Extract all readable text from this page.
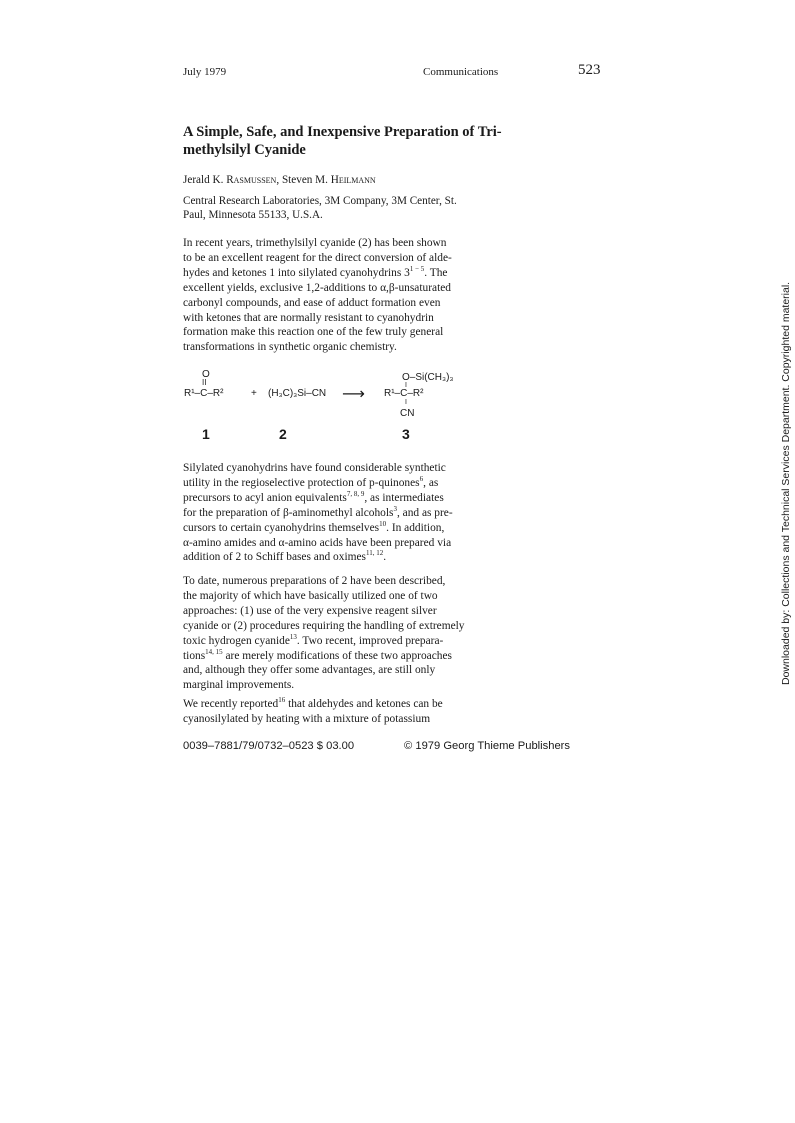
July 1979	Communications	523
A Simple, Safe, and Inexpensive Preparation of Tri-
methylsilyl Cyanide
Jerald K. Rasmussen, Steven M. Heilmann
Central Research Laboratories, 3M Company, 3M Center, St.
Paul, Minnesota 55133, U.S.A.
In recent years, trimethylsilyl cyanide (2) has been shown
to be an excellent reagent for the direct conversion of alde-
hydes and ketones 1 into silylated cyanohydrins $3^{1 - 5}$. The
excellent yields, exclusive 1,2-additions to α,β-unsaturated
carbonyl compounds, and ease of adduct formation even
with ketones that are normally resistant to cyanohydrin
formation make this reaction one of the few truly general
transformations in synthetic organic chemistry.
O
II
R¹–C–R²	+ (H₃C)₃Si–CN ⟶
O–Si(CH₃)₃
I
R¹–C–R²
I
CN
1	2	3
Silylated cyanohydrins have found considerable synthetic
utility in the regioselective protection of p-quinones$^6$, as
precursors to acyl anion equivalents$^{7, 8, 9}$, as intermediates
for the preparation of β-aminomethyl alcohols$^3$, and as pre-
cursors to certain cyanohydrins themselves$^{10}$. In addition,
α-amino amides and α-amino acids have been prepared via
addition of 2 to Schiff bases and oximes$^{11, 12}$.
To date, numerous preparations of 2 have been described,
the majority of which have basically utilized one of two
approaches: (1) use of the very expensive reagent silver
cyanide or (2) procedures requiring the handling of extremely
toxic hydrogen cyanide$^{13}$. Two recent, improved prepara-
tions$^{14, 15}$ are merely modifications of these two approaches
and, although they offer some advantages, are still only
marginal improvements.
We recently reported$^{16}$ that aldehydes and ketones can be
cyanosilylated by heating with a mixture of potassium
0039–7881/79/0732–0523 $ 03.00	© 1979 Georg Thieme Publishers
Downloaded by: Collections and Technical Services Department. Copyrighted material.
